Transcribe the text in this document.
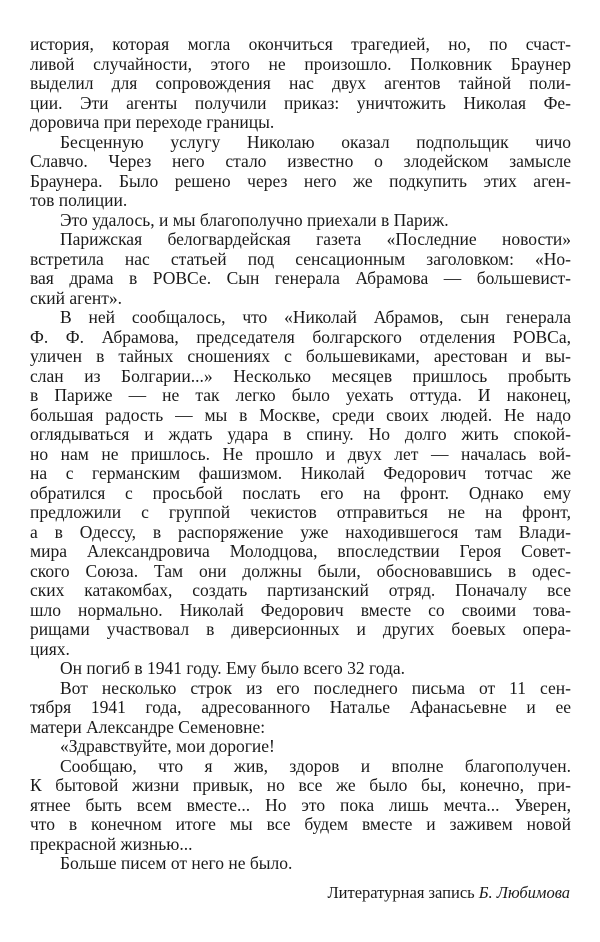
история, которая могла окончиться трагедией, но, по счаст-
ливой случайности, этого не произошло. Полковник Браунер
выделил для сопровождения нас двух агентов тайной поли-
ции. Эти агенты получили приказ: уничтожить Николая Фе-
доровича при переходе границы.
Бесценную услугу Николаю оказал подпольщик чичо
Славчо. Через него стало известно о злодейском замысле
Браунера. Было решено через него же подкупить этих аген-
тов полиции.
Это удалось, и мы благополучно приехали в Париж.
Парижская белогвардейская газета «Последние новости»
встретила нас статьей под сенсационным заголовком: «Но-
вая драма в РОВСе. Сын генерала Абрамова — большевист-
ский агент».
В ней сообщалось, что «Николай Абрамов, сын генерала
Ф. Ф. Абрамова, председателя болгарского отделения РОВСа,
уличен в тайных сношениях с большевиками, арестован и вы-
слан из Болгарии...» Несколько месяцев пришлось пробыть
в Париже — не так легко было уехать оттуда. И наконец,
большая радость — мы в Москве, среди своих людей. Не надо
оглядываться и ждать удара в спину. Но долго жить спокой-
но нам не пришлось. Не прошло и двух лет — началась вой-
на с германским фашизмом. Николай Федорович тотчас же
обратился с просьбой послать его на фронт. Однако ему
предложили с группой чекистов отправиться не на фронт,
а в Одессу, в распоряжение уже находившегося там Влади-
мира Александровича Молодцова, впоследствии Героя Совет-
ского Союза. Там они должны были, обосновавшись в одес-
ских катакомбах, создать партизанский отряд. Поначалу все
шло нормально. Николай Федорович вместе со своими това-
рищами участвовал в диверсионных и других боевых опера-
циях.
Он погиб в 1941 году. Ему было всего 32 года.
Вот несколько строк из его последнего письма от 11 сен-
тября 1941 года, адресованного Наталье Афанасьевне и ее
матери Александре Семеновне:
«Здравствуйте, мои дорогие!
Сообщаю, что я жив, здоров и вполне благополучен.
К бытовой жизни привык, но все же было бы, конечно, при-
ятнее быть всем вместе... Но это пока лишь мечта... Уверен,
что в конечном итоге мы все будем вместе и заживем новой
прекрасной жизнью...
Больше писем от него не было.
Литературная запись Б. Любимова
